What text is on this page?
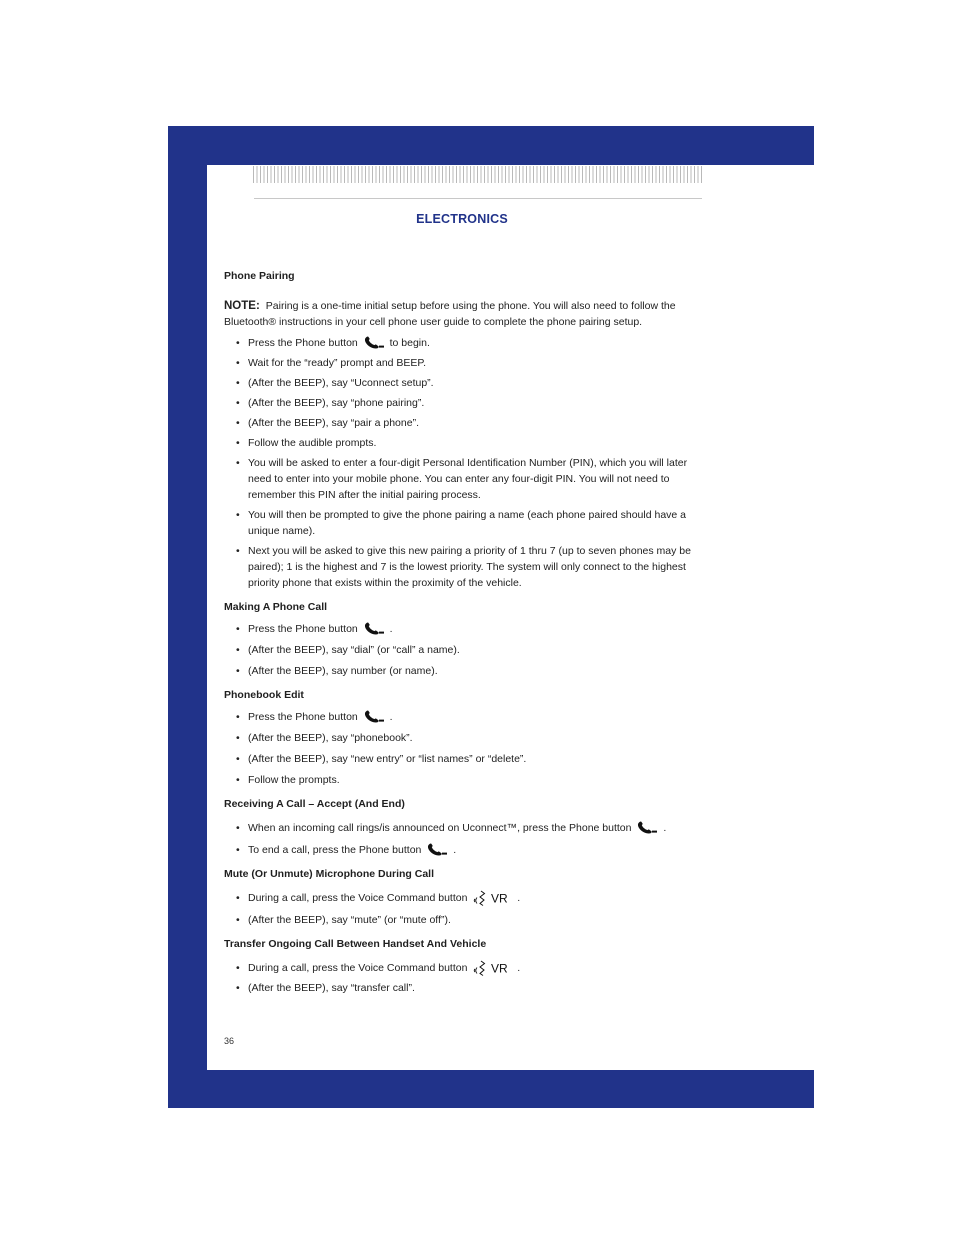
ELECTRONICS
Phone Pairing

NOTE: Pairing is a one-time initial setup before using the phone. You will also need to follow the Bluetooth® instructions in your cell phone user guide to complete the phone pairing setup.

• Press the Phone button	to begin.
• Wait for the “ready” prompt and BEEP.
• (After the BEEP), say “Uconnect setup”.
• (After the BEEP), say “phone pairing”.
• (After the BEEP), say “pair a phone”.
• Follow the audible prompts.
• You will be asked to enter a four-digit Personal Identification Number (PIN), which you will later need to enter into your mobile phone. You can enter any four-digit PIN. You will not need to remember this PIN after the initial pairing process.
• You will then be prompted to give the phone pairing a name (each phone paired should have a unique name).
• Next you will be asked to give this new pairing a priority of 1 thru 7 (up to seven phones may be paired); 1 is the highest and 7 is the lowest priority. The system will only connect to the highest priority phone that exists within the proximity of the vehicle.
Making A Phone Call
• Press the Phone button	.
• (After the BEEP), say “dial” (or “call” a name).
• (After the BEEP), say number (or name).
Phonebook Edit
• Press the Phone button	.
• (After the BEEP), say “phonebook”.
• (After the BEEP), say “new entry” or “list names” or “delete”.
• Follow the prompts.
Receiving A Call – Accept (And End)
• When an incoming call rings/is announced on Uconnect™, press the Phone button	.
• To end a call, press the Phone button	.
Mute (Or Unmute) Microphone During Call
• During a call, press the Voice Command button VR .
• (After the BEEP), say “mute” (or “mute off”).
Transfer Ongoing Call Between Handset And Vehicle
• During a call, press the Voice Command button VR .
• (After the BEEP), say “transfer call”.
36
